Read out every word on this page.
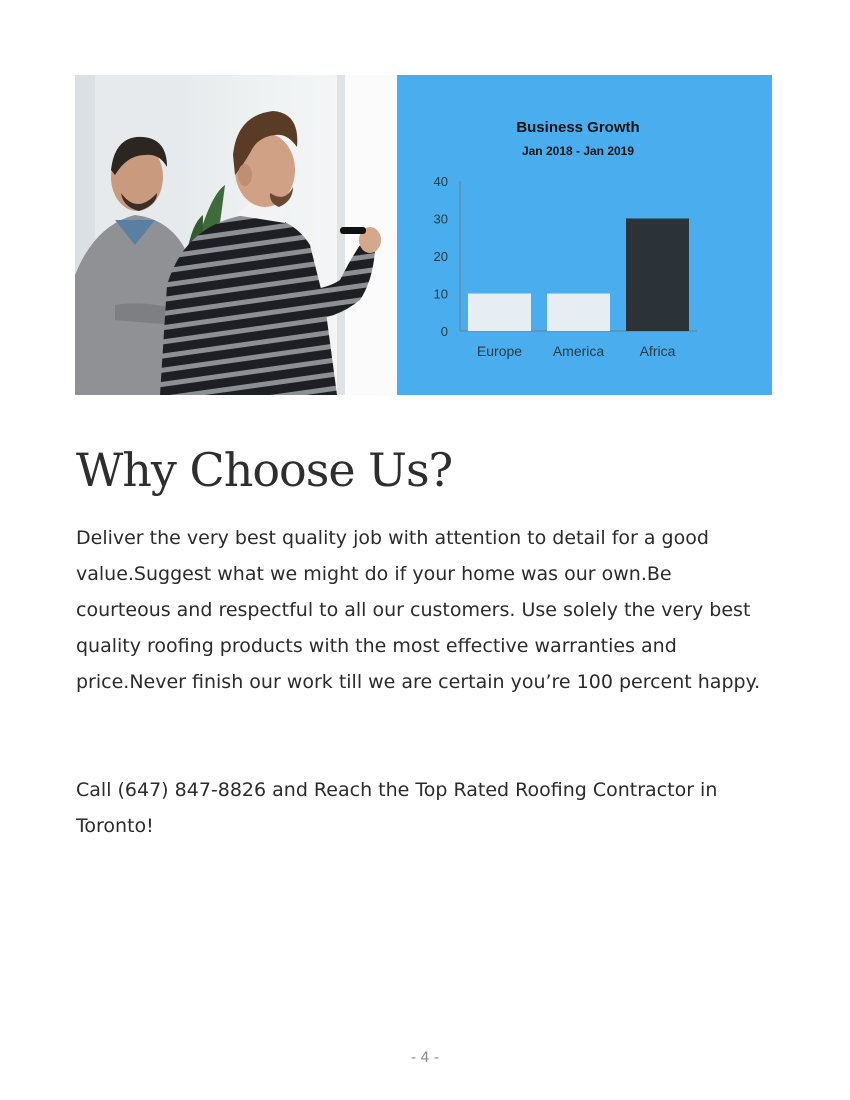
Business Growth
Jan 2018 - Jan 2019
0
10
20
30
40
Europe America	Africa
Why Choose Us?

Deliver the very best quality job with attention to detail for a good value.Suggest what we might do if your home was our own.Be courteous and respectful to all our customers. Use solely the very best quality roofing products with the most effective warranties and price.Never finish our work till we are certain you’re 100 percent happy.

Call (647) 847-8826 and Reach the Top Rated Roofing Contractor in Toronto!

- 4 -
